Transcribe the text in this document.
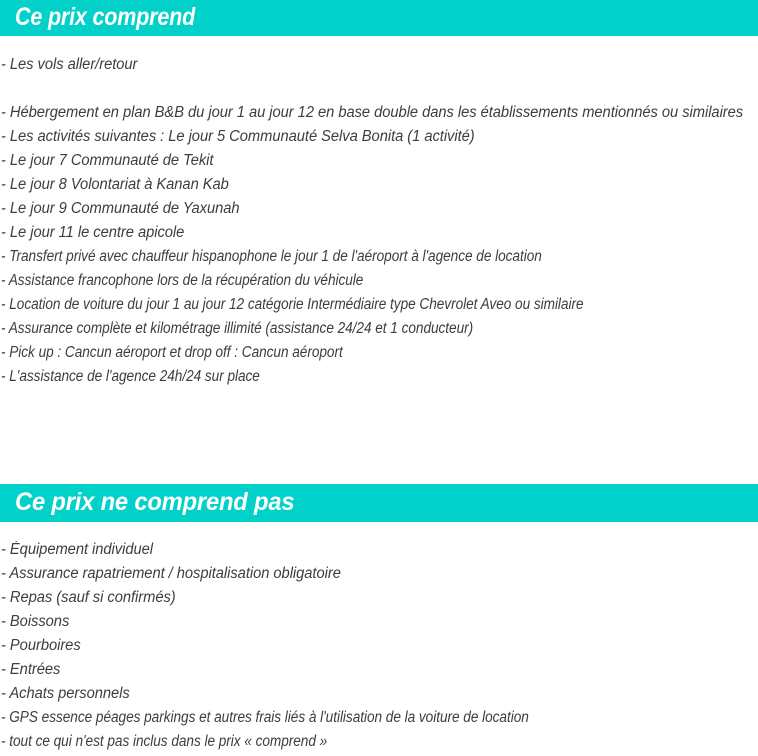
Ce prix comprend
- Les vols aller/retour
- Hébergement en plan B&B du jour 1 au jour 12 en base double dans les établissements mentionnés ou similaires
- Les activités suivantes : Le jour 5 Communauté Selva Bonita (1 activité)
- Le jour 7 Communauté de Tekit
- Le jour 8 Volontariat à Kanan Kab
- Le jour 9 Communauté de Yaxunah
- Le jour 11 le centre apicole
- Transfert privé avec chauffeur hispanophone le jour 1 de l'aéroport à l'agence de location
- Assistance francophone lors de la récupération du véhicule
- Location de voiture du jour 1 au jour 12 catégorie Intermédiaire type Chevrolet Aveo ou similaire
- Assurance complète et kilométrage illimité (assistance 24/24 et 1 conducteur)
- Pick up : Cancun aéroport et drop off : Cancun aéroport
- L'assistance de l'agence 24h/24 sur place
Ce prix ne comprend pas
- Équipement individuel
- Assurance rapatriement / hospitalisation obligatoire
- Repas (sauf si confirmés)
- Boissons
- Pourboires
- Entrées
- Achats personnels
- GPS essence péages parkings et autres frais liés à l'utilisation de la voiture de location
- tout ce qui n'est pas inclus dans le prix « comprend »
